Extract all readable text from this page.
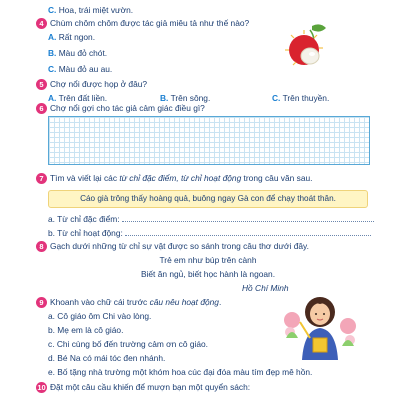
C. Hoa, trái miệt vườn.
4 Chùm chôm chôm được tác giả miêu tả như thế nào?
A. Rất ngon.
B. Màu đỏ chót.
C. Màu đỏ au au.
5 Chợ nổi được họp ở đâu?
A. Trên đất liền.	B. Trên sông.	C. Trên thuyền.
6 Chợ nổi gợi cho tác giả cảm giác điều gì?
7 Tìm và viết lại các từ chỉ đặc điểm, từ chỉ hoạt động trong câu văn sau.
Cáo già trông thấy hoàng quả, buông ngay Gà con để chạy thoát thân.
a. Từ chỉ đặc điểm:
b. Từ chỉ hoạt động:
8 Gạch dưới những từ chỉ sự vật được so sánh trong câu thơ dưới đây.
Trẻ em như búp trên cành
Biết ăn ngủ, biết học hành là ngoan.
Hồ Chí Minh
9 Khoanh vào chữ cái trước câu nêu hoạt động.
a. Cô giáo ôm Chi vào lòng.
b. Mẹ em là cô giáo.
c. Chi cùng bố đến trường cảm ơn cô giáo.
d. Bé Na có mái tóc đen nhánh.
e. Bố tặng nhà trường một khóm hoa cúc đại đóa màu tím đẹp mê hồn.
10 Đặt một câu cầu khiến để mượn bạn một quyển sách:
